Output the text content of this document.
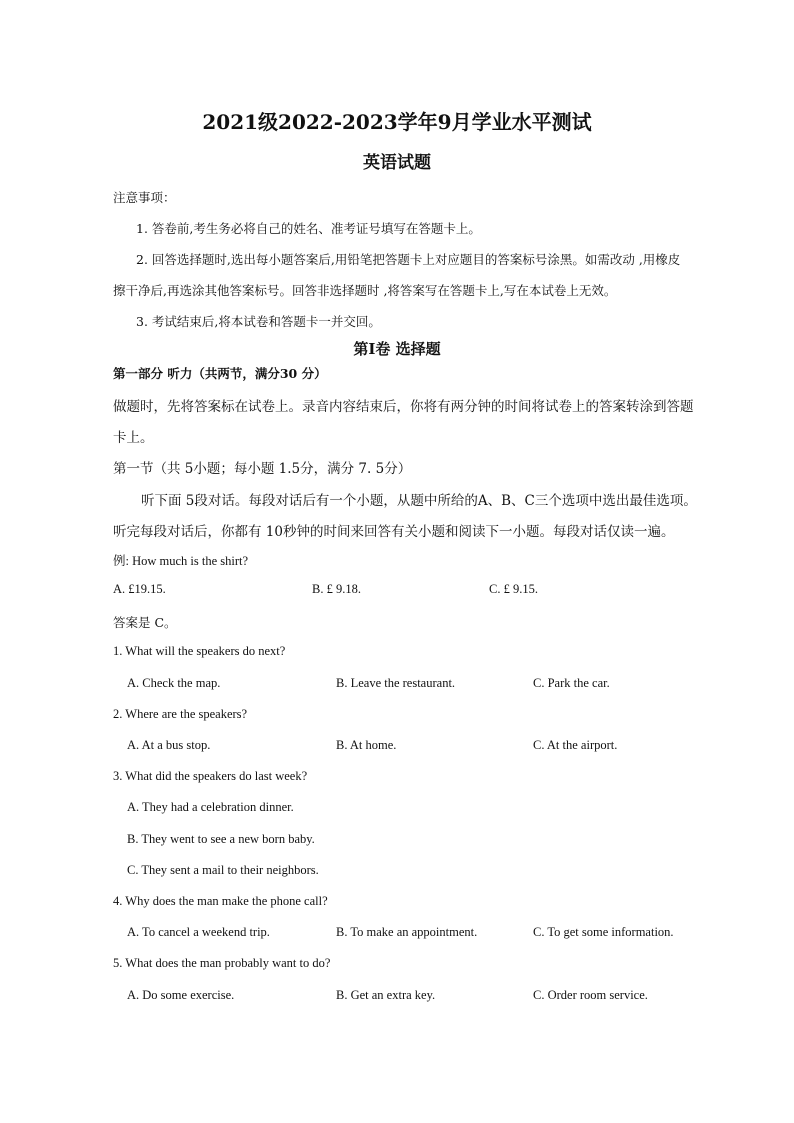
2021级2022-2023学年9月学业水平测试
英语试题
注意事项：
1. 答卷前,考生务必将自己的姓名、准考证号填写在答题卡上。
2. 回答选择题时,选出每小题答案后,用铅笔把答题卡上对应题目的答案标号涂黑。如需改动 ,用橡皮
擦干净后,再选涂其他答案标号。回答非选择题时 ,将答案写在答题卡上,写在本试卷上无效。
3. 考试结束后,将本试卷和答题卡一并交回。
第I卷 选择题
第一部分 听力（共两节，满分30 分）
做题时，先将答案标在试卷上。录音内容结束后，你将有两分钟的时间将试卷上的答案转涂到答题
卡上。
第一节（共 5小题；每小题 1.5分，满分 7. 5分）
听下面 5段对话。每段对话后有一个小题，从题中所给的A、B、C三个选项中选出最佳选项。
听完每段对话后，你都有 10秒钟的时间来回答有关小题和阅读下一小题。每段对话仅读一遍。
例: How much is the shirt?
A. £19.15.	B. £ 9.18.	C. £ 9.15.
答案是 C。
1. What will the speakers do next?
A. Check the map.	B. Leave the restaurant.	C. Park the car.
2. Where are the speakers?
A. At a bus stop.	B. At home.	C. At the airport.
3. What did the speakers do last week?
A. They had a celebration dinner.
B. They went to see a new born baby.
C. They sent a mail to their neighbors.
4. Why does the man make the phone call?
A. To cancel a weekend trip.	B. To make an appointment.	C. To get some information.
5. What does the man probably want to do?
A. Do some exercise.	B. Get an extra key.	C. Order room service.
